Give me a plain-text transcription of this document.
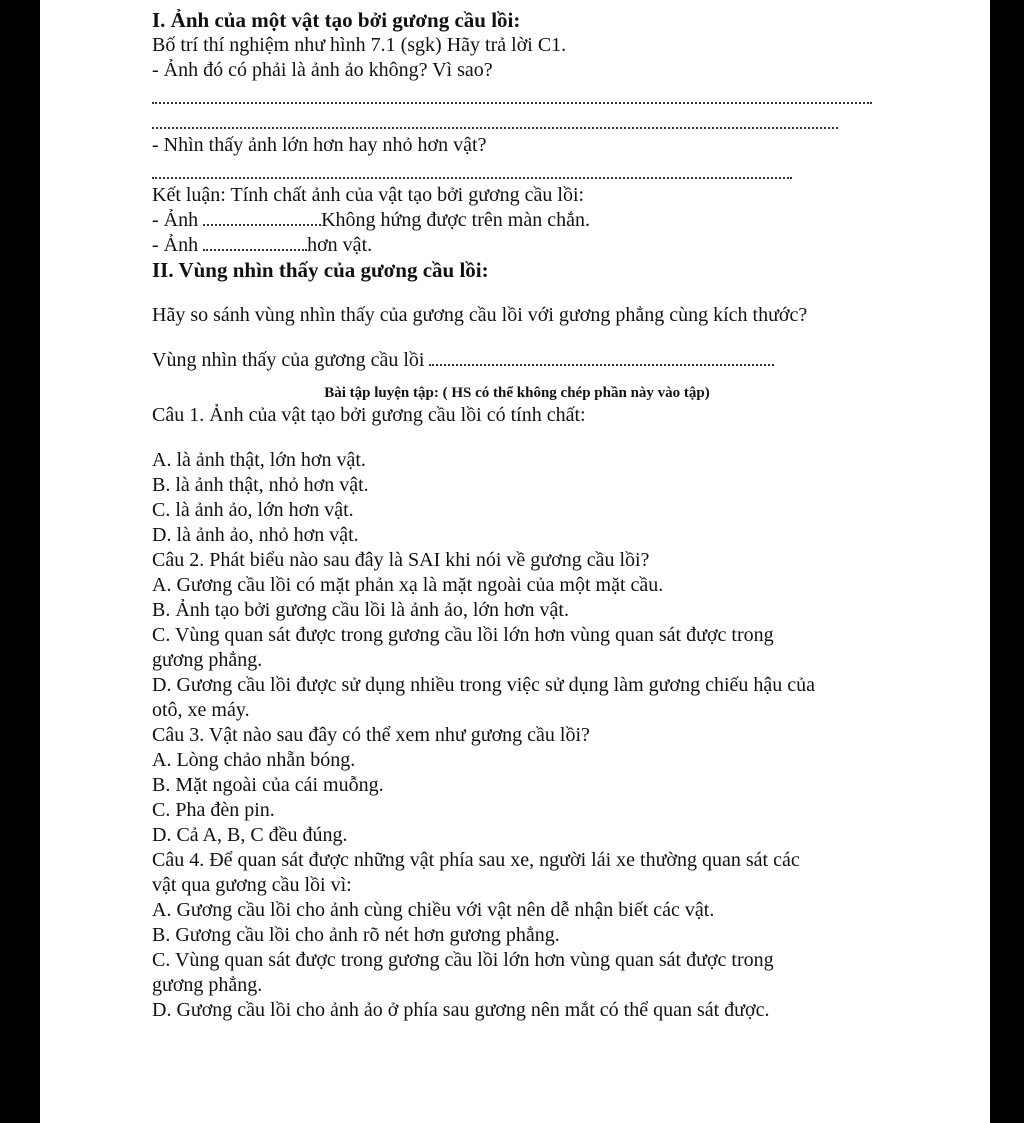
I. Ảnh của một vật tạo bởi gương cầu lồi:
Bố trí thí nghiệm như hình 7.1 (sgk) Hãy trả lời C1.
- Ảnh đó có phải là ảnh ảo không? Vì sao?
- Nhìn thấy ảnh lớn hơn hay nhỏ hơn vật?
Kết luận: Tính chất ảnh của vật tạo bởi gương cầu lồi:
- Ảnh	Không hứng được trên màn chắn.
- Ảnh	hơn vật.
II. Vùng nhìn thấy của gương cầu lồi:
Hãy so sánh vùng nhìn thấy của gương cầu lồi với gương phẳng cùng kích thước?
Vùng nhìn thấy của gương cầu lồi
Bài tập luyện tập: ( HS có thể không chép phần này vào tập)
Câu 1. Ảnh của vật tạo bởi gương cầu lồi có tính chất:
A. là ảnh thật, lớn hơn vật.
B. là ảnh thật, nhỏ hơn vật.
C. là ảnh ảo, lớn hơn vật.
D. là ảnh ảo, nhỏ hơn vật.
Câu 2. Phát biểu nào sau đây là SAI khi nói về gương cầu lồi?
A. Gương cầu lồi có mặt phản xạ là mặt ngoài của một mặt cầu.
B. Ảnh tạo bởi gương cầu lồi là ảnh ảo, lớn hơn vật.
C. Vùng quan sát được trong gương cầu lồi lớn hơn vùng quan sát được trong
gương phẳng.
D. Gương cầu lồi được sử dụng nhiều trong việc sử dụng làm gương chiếu hậu của
otô, xe máy.
Câu 3. Vật nào sau đây có thể xem như gương cầu lồi?
A. Lòng chảo nhẵn bóng.
B. Mặt ngoài của cái muỗng.
C. Pha đèn pin.
D. Cả A, B, C đều đúng.
Câu 4. Để quan sát được những vật phía sau xe, người lái xe thường quan sát các
vật qua gương cầu lồi vì:
A. Gương cầu lồi cho ảnh cùng chiều với vật nên dễ nhận biết các vật.
B. Gương cầu lồi cho ảnh rõ nét hơn gương phẳng.
C. Vùng quan sát được trong gương cầu lồi lớn hơn vùng quan sát được trong
gương phẳng.
D. Gương cầu lồi cho ảnh ảo ở phía sau gương nên mắt có thể quan sát được.
